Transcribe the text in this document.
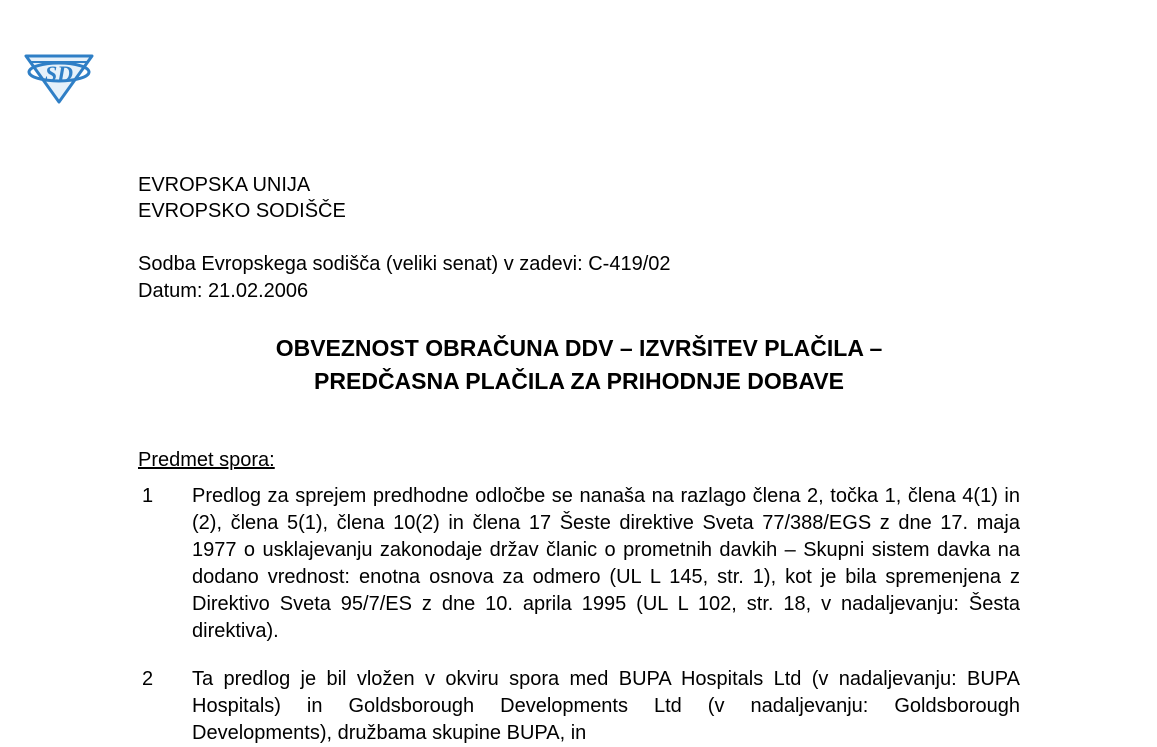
SD
EVROPSKA UNIJA
EVROPSKO SODIŠČE
Sodba Evropskega sodišča (veliki senat) v zadevi: C-419/02
Datum: 21.02.2006
OBVEZNOST OBRAČUNA DDV – IZVRŠITEV PLAČILA –
PREDČASNA PLAČILA ZA PRIHODNJE DOBAVE
Predmet spora:
1 Predlog za sprejem predhodne odločbe se nanaša na razlago člena 2, točka 1, člena 4(1) in (2), člena 5(1), člena 10(2) in člena 17 Šeste direktive Sveta 77/388/EGS z dne 17. maja 1977 o usklajevanju zakonodaje držav članic o prometnih davkih – Skupni sistem davka na dodano vrednost: enotna osnova za odmero (UL L 145, str. 1), kot je bila spremenjena z Direktivo Sveta 95/7/ES z dne 10. aprila 1995 (UL L 102, str. 18, v nadaljevanju: Šesta direktiva).
2 Ta predlog je bil vložen v okviru spora med BUPA Hospitals Ltd (v nadaljevanju: BUPA Hospitals) in Goldsborough Developments Ltd (v nadaljevanju: Goldsborough Developments), družbama skupine BUPA, in
